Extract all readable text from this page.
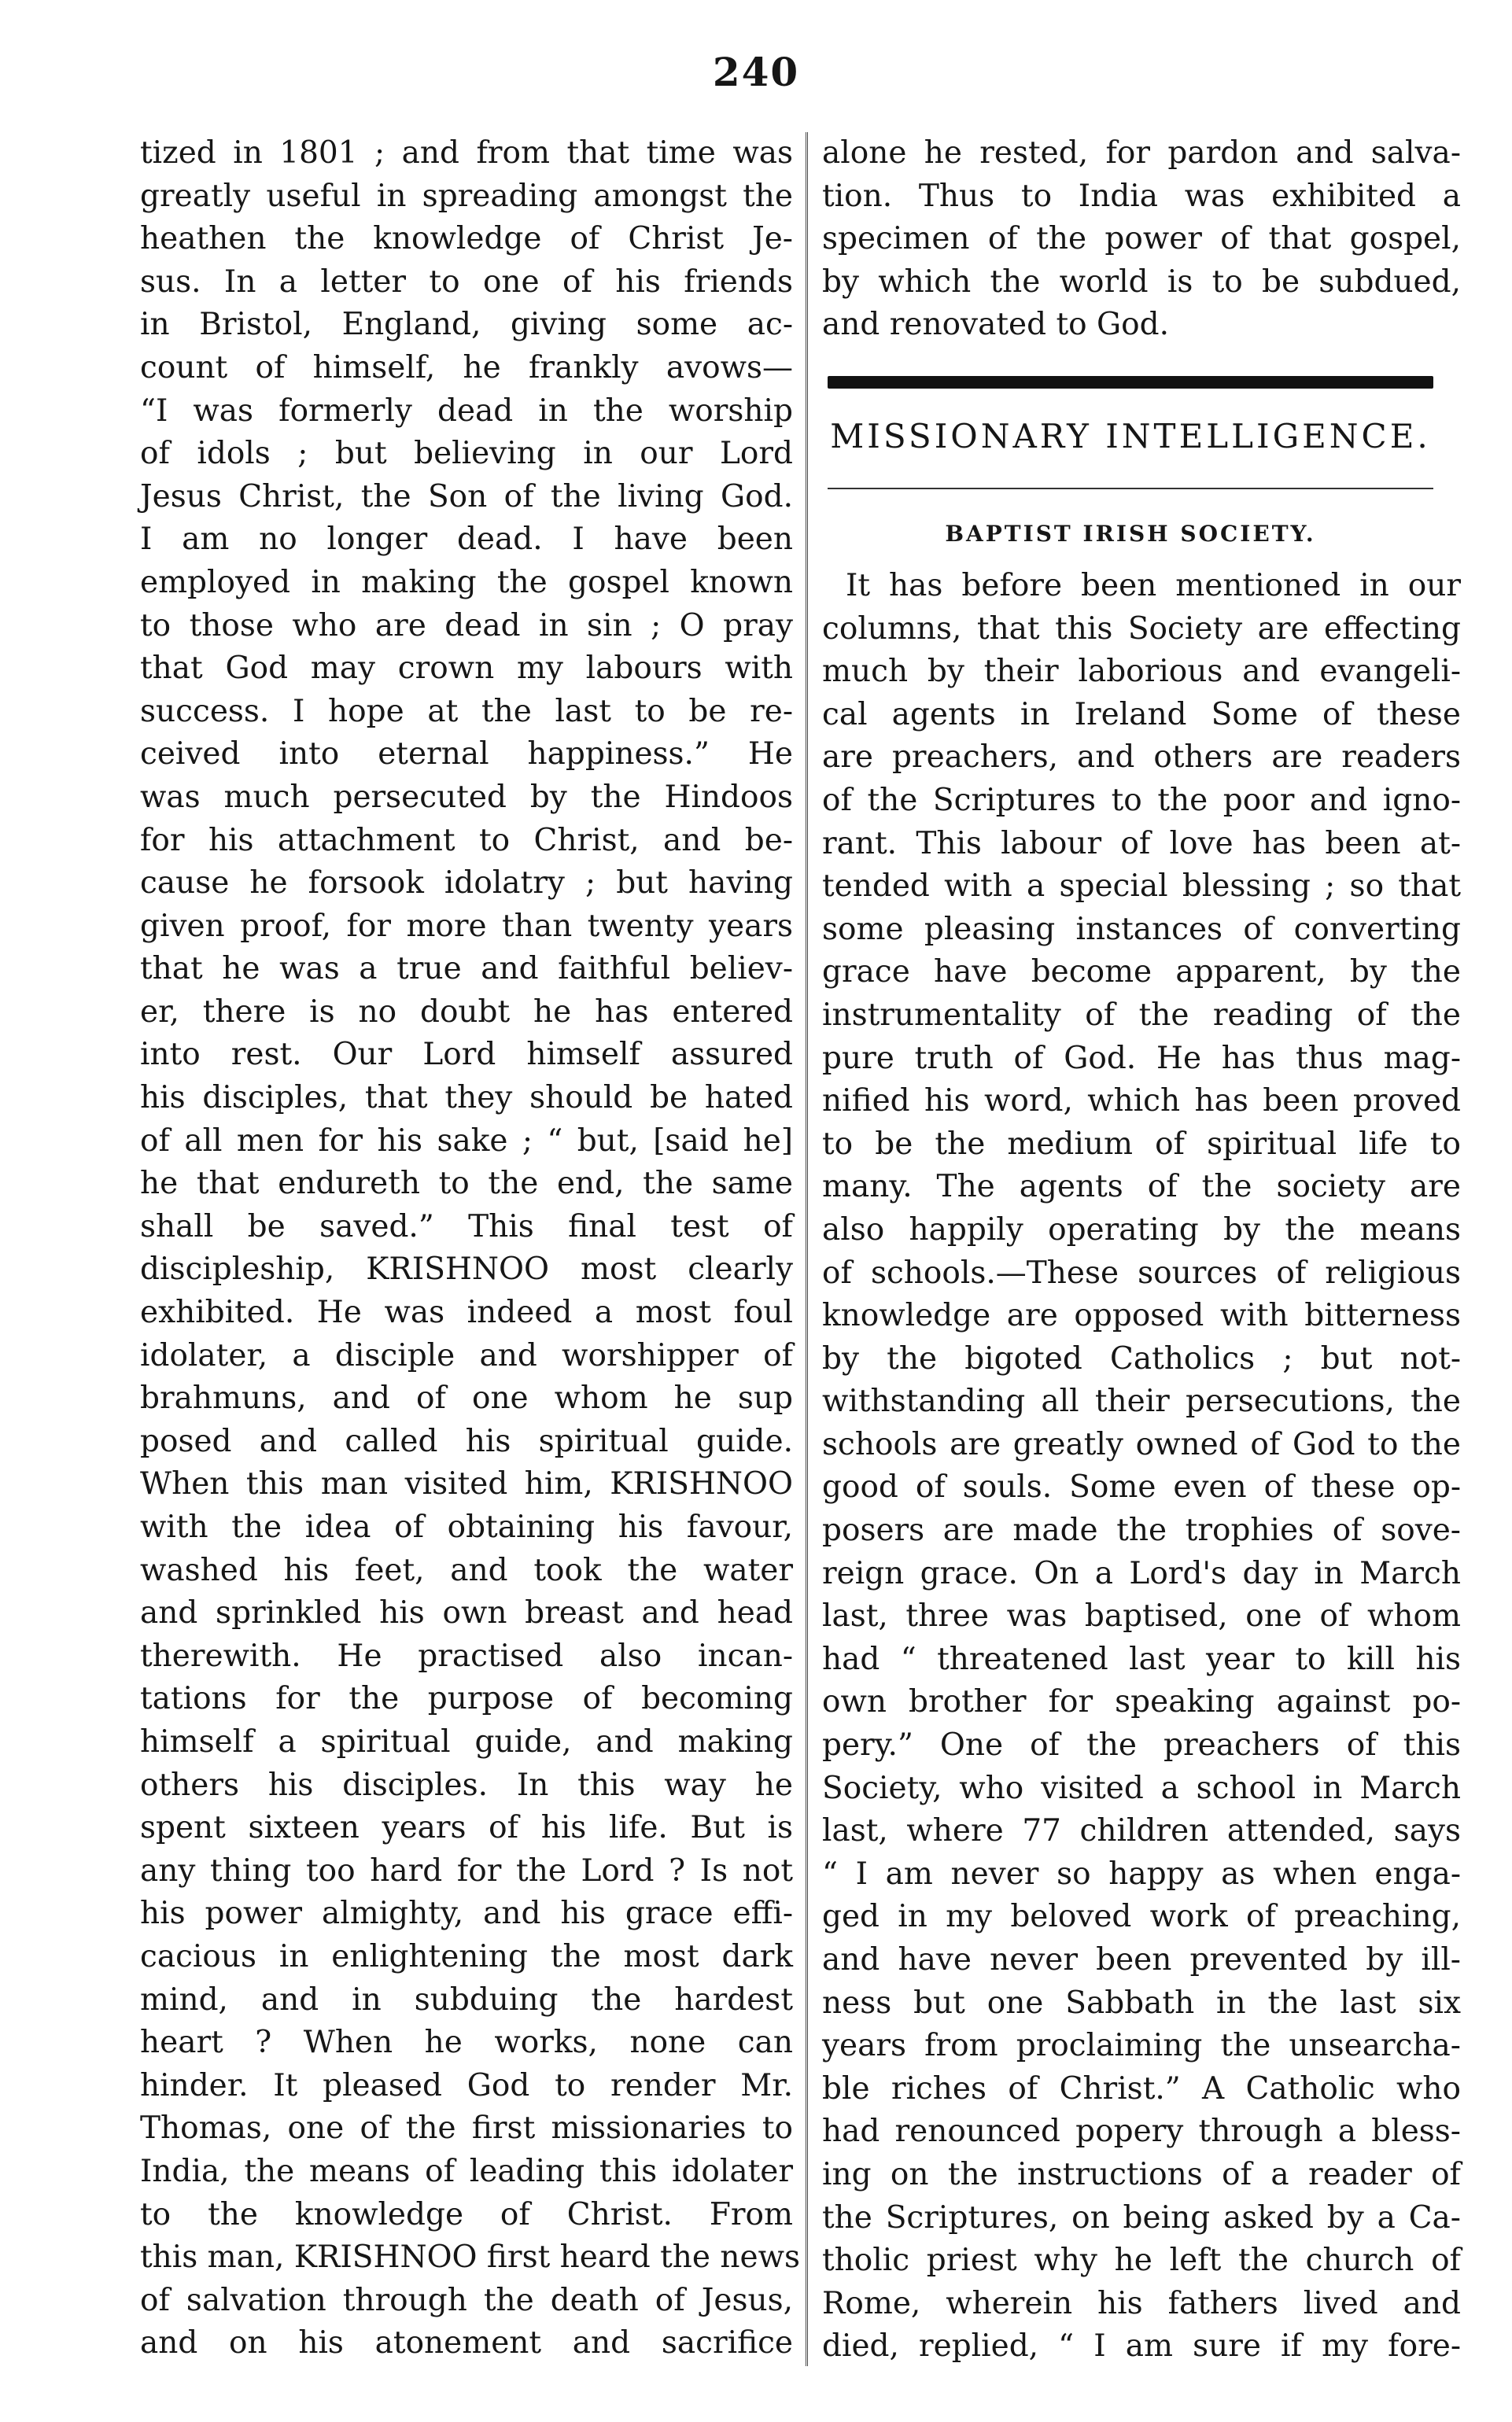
240
tized in 1801 ; and from that time was
greatly useful in spreading amongst the
heathen the knowledge of Christ Je-
sus. In a letter to one of his friends
in Bristol, England, giving some ac-
count of himself, he frankly avows—
“I was formerly dead in the worship
of idols ; but believing in our Lord
Jesus Christ, the Son of the living God.
I am no longer dead. I have been
employed in making the gospel known
to those who are dead in sin ; O pray
that God may crown my labours with
success. I hope at the last to be re-
ceived into eternal happiness.” He
was much persecuted by the Hindoos
for his attachment to Christ, and be-
cause he forsook idolatry ; but having
given proof, for more than twenty years
that he was a true and faithful believ-
er, there is no doubt he has entered
into rest. Our Lord himself assured
his disciples, that they should be hated
of all men for his sake ; “ but, [said he]
he that endureth to the end, the same
shall be saved.” This final test of
discipleship, KRISHNOO most clearly
exhibited. He was indeed a most foul
idolater, a disciple and worshipper of
brahmuns, and of one whom he sup
posed and called his spiritual guide.
When this man visited him, KRISHNOO
with the idea of obtaining his favour,
washed his feet, and took the water
and sprinkled his own breast and head
therewith. He practised also incan-
tations for the purpose of becoming
himself a spiritual guide, and making
others his disciples. In this way he
spent sixteen years of his life. But is
any thing too hard for the Lord ? Is not
his power almighty, and his grace effi-
cacious in enlightening the most dark
mind, and in subduing the hardest
heart ? When he works, none can
hinder. It pleased God to render Mr.
Thomas, one of the first missionaries to
India, the means of leading this idolater
to the knowledge of Christ. From
this man, KRISHNOO first heard the news
of salvation through the death of Jesus,
and on his atonement and sacrifice
alone he rested, for pardon and salva-
tion. Thus to India was exhibited a
specimen of the power of that gospel,
by which the world is to be subdued,
and renovated to God.
MISSIONARY INTELLIGENCE.
BAPTIST IRISH SOCIETY.
It has before been mentioned in our
columns, that this Society are effecting
much by their laborious and evangeli-
cal agents in Ireland Some of these
are preachers, and others are readers
of the Scriptures to the poor and igno-
rant. This labour of love has been at-
tended with a special blessing ; so that
some pleasing instances of converting
grace have become apparent, by the
instrumentality of the reading of the
pure truth of God. He has thus mag-
nified his word, which has been proved
to be the medium of spiritual life to
many. The agents of the society are
also happily operating by the means
of schools.—These sources of religious
knowledge are opposed with bitterness
by the bigoted Catholics ; but not-
withstanding all their persecutions, the
schools are greatly owned of God to the
good of souls. Some even of these op-
posers are made the trophies of sove-
reign grace. On a Lord's day in March
last, three was baptised, one of whom
had “ threatened last year to kill his
own brother for speaking against po-
pery.” One of the preachers of this
Society, who visited a school in March
last, where 77 children attended, says
“ I am never so happy as when enga-
ged in my beloved work of preaching,
and have never been prevented by ill-
ness but one Sabbath in the last six
years from proclaiming the unsearcha-
ble riches of Christ.” A Catholic who
had renounced popery through a bless-
ing on the instructions of a reader of
the Scriptures, on being asked by a Ca-
tholic priest why he left the church of
Rome, wherein his fathers lived and
died, replied, “ I am sure if my fore-
